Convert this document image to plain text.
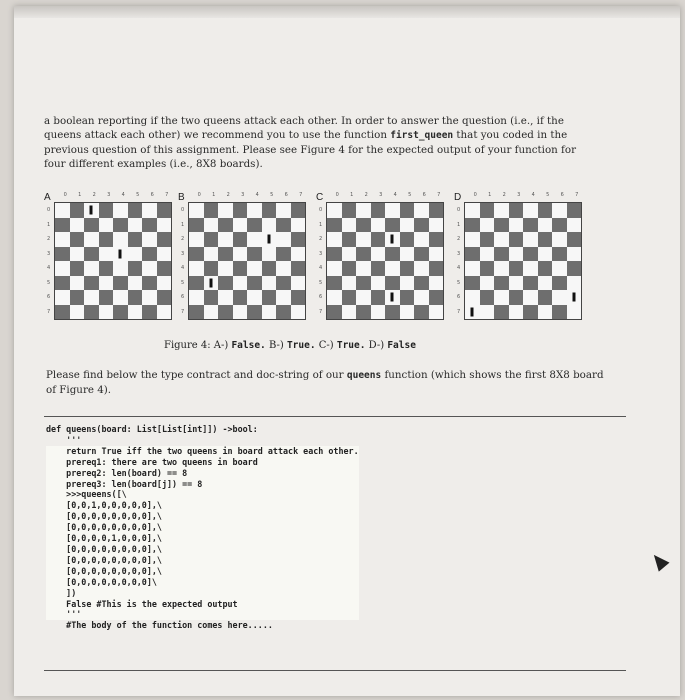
a boolean reporting if the two queens attack each other. In order to answer the question (i.e., if the queens attack each other) we recommend you to use the function first_queen that you coded in the previous question of this assignment. Please see Figure 4 for the expected output of your function for four different examples (i.e., 8X8 boards).

A	0	1	2	3	4	5	6	7
0
1
2
3
4
5
6
7
B	0	1	2	3	4	5	6	7
0
1
2
3
4
5
6
7
C	0	1	2	3	4	5	6	7
0
1
2
3
4
5
6
7
D	0	1	2	3	4	5	6	7
0
1
2
3
4
5
6
7
Figure 4: A-) False. B-) True. C-) True. D-) False

Please find below the type contract and doc-string of our queens function (which shows the first 8X8 board of Figure 4).

def queens(board: List[List[int]]) ->bool:
'''
return True iff the two queens in board attack each other.
prereq1: there are two queens in board
prereq2: len(board) == 8
prereq3: len(board[j]) == 8
>>>queens([\
[0,0,1,0,0,0,0,0],\
[0,0,0,0,0,0,0,0],\
[0,0,0,0,0,0,0,0],\
[0,0,0,0,1,0,0,0],\
[0,0,0,0,0,0,0,0],\
[0,0,0,0,0,0,0,0],\
[0,0,0,0,0,0,0,0],\
[0,0,0,0,0,0,0,0]\
])
False #This is the expected output
'''
#The body of the function comes here.....
